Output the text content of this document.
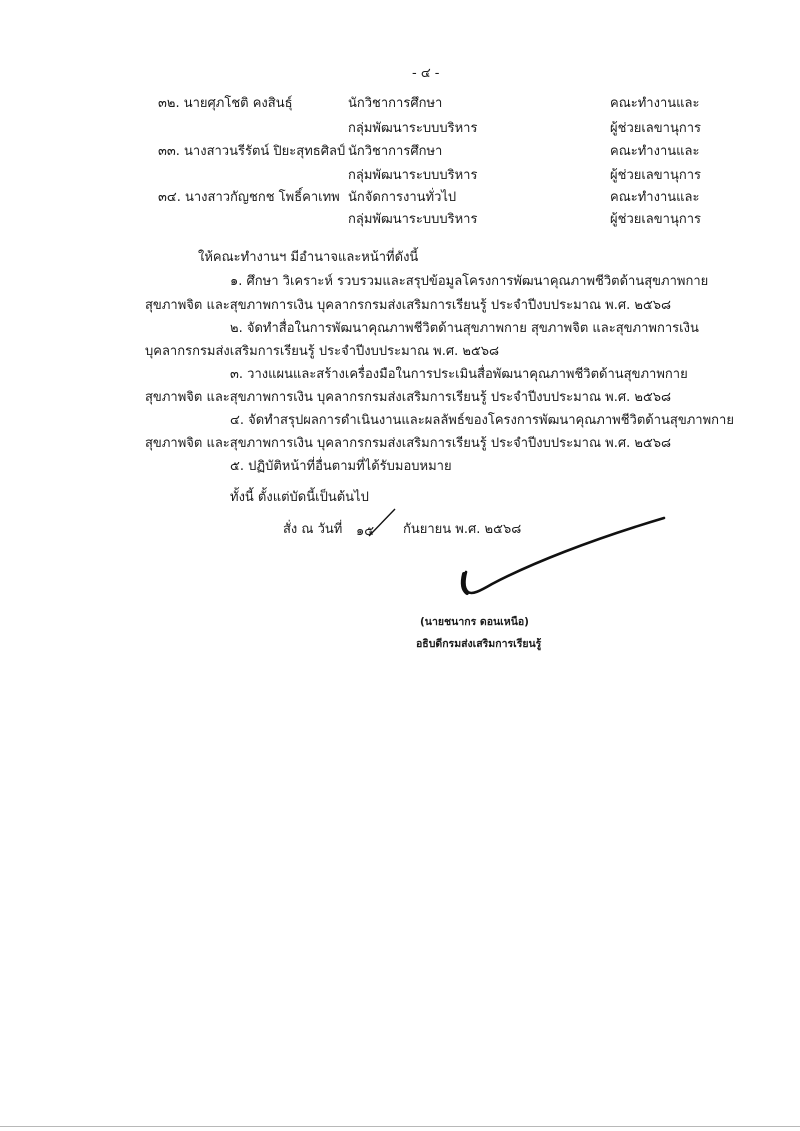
- ๔ -
๓๒. นายศุภโชติ คงสินธุ์	นักวิชาการศึกษา	คณะทำงานและ
กลุ่มพัฒนาระบบบริหาร	ผู้ช่วยเลขานุการ
๓๓. นางสาวนรีรัตน์ ปิยะสุทธศิลป์ นักวิชาการศึกษา	คณะทำงานและ
กลุ่มพัฒนาระบบบริหาร	ผู้ช่วยเลขานุการ
๓๔. นางสาวกัญชกช โพธิ์คาเทพ นักจัดการงานทั่วไป	คณะทำงานและ
กลุ่มพัฒนาระบบบริหาร	ผู้ช่วยเลขานุการ
ให้คณะทำงานฯ มีอำนาจและหน้าที่ดังนี้
๑. ศึกษา วิเคราะห์ รวบรวมและสรุปข้อมูลโครงการพัฒนาคุณภาพชีวิตด้านสุขภาพกาย
สุขภาพจิต และสุขภาพการเงิน บุคลากรกรมส่งเสริมการเรียนรู้ ประจำปีงบประมาณ พ.ศ. ๒๕๖๘
๒. จัดทำสื่อในการพัฒนาคุณภาพชีวิตด้านสุขภาพกาย สุขภาพจิต และสุขภาพการเงิน
บุคลากรกรมส่งเสริมการเรียนรู้ ประจำปีงบประมาณ พ.ศ. ๒๕๖๘
๓. วางแผนและสร้างเครื่องมือในการประเมินสื่อพัฒนาคุณภาพชีวิตด้านสุขภาพกาย
สุขภาพจิต และสุขภาพการเงิน บุคลากรกรมส่งเสริมการเรียนรู้ ประจำปีงบประมาณ พ.ศ. ๒๕๖๘
๔. จัดทำสรุปผลการดำเนินงานและผลลัพธ์ของโครงการพัฒนาคุณภาพชีวิตด้านสุขภาพกาย
สุขภาพจิต และสุขภาพการเงิน บุคลากรกรมส่งเสริมการเรียนรู้ ประจำปีงบประมาณ พ.ศ. ๒๕๖๘
๕. ปฏิบัติหน้าที่อื่นตามที่ได้รับมอบหมาย
ทั้งนี้ ตั้งแต่บัดนี้เป็นต้นไป
สั่ง ณ วันที่ ๑๕ กันยายน พ.ศ. ๒๕๖๘
(นายชนากร ดอนเหนือ)
อธิบดีกรมส่งเสริมการเรียนรู้
